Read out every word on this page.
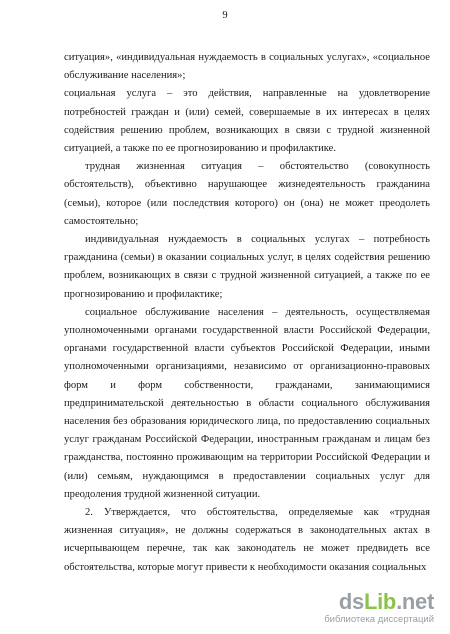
9

ситуация», «индивидуальная нуждаемость в социальных услугах», «социальное обслуживание населения»;

социальная услуга – это действия, направленные на удовлетворение потребностей граждан и (или) семей, совершаемые в их интересах в целях содействия решению проблем, возникающих в связи с трудной жизненной ситуацией, а также по ее прогнозированию и профилактике.

трудная жизненная ситуация – обстоятельство (совокупность обстоятельств), объективно нарушающее жизнедеятельность гражданина (семьи), которое (или последствия которого) он (она) не может преодолеть самостоятельно;

индивидуальная нуждаемость в социальных услугах – потребность гражданина (семьи) в оказании социальных услуг, в целях содействия решению проблем, возникающих в связи с трудной жизненной ситуацией, а также по ее прогнозированию и профилактике;

социальное обслуживание населения – деятельность, осуществляемая уполномоченными органами государственной власти Российской Федерации, органами государственной власти субъектов Российской Федерации, иными уполномоченными организациями, независимо от организационно-правовых форм и форм собственности, гражданами, занимающимися предпринимательской деятельностью в области социального обслуживания населения без образования юридического лица, по предоставлению социальных услуг гражданам Российской Федерации, иностранным гражданам и лицам без гражданства, постоянно проживающим на территории Российской Федерации и (или) семьям, нуждающимся в предоставлении социальных услуг для преодоления трудной жизненной ситуации.

2. Утверждается, что обстоятельства, определяемые как «трудная жизненная ситуация», не должны содержаться в законодательных актах в исчерпывающем перечне, так как законодатель не может предвидеть все обстоятельства, которые могут привести к необходимости оказания социальных

dsLib.net
библиотека диссертаций
